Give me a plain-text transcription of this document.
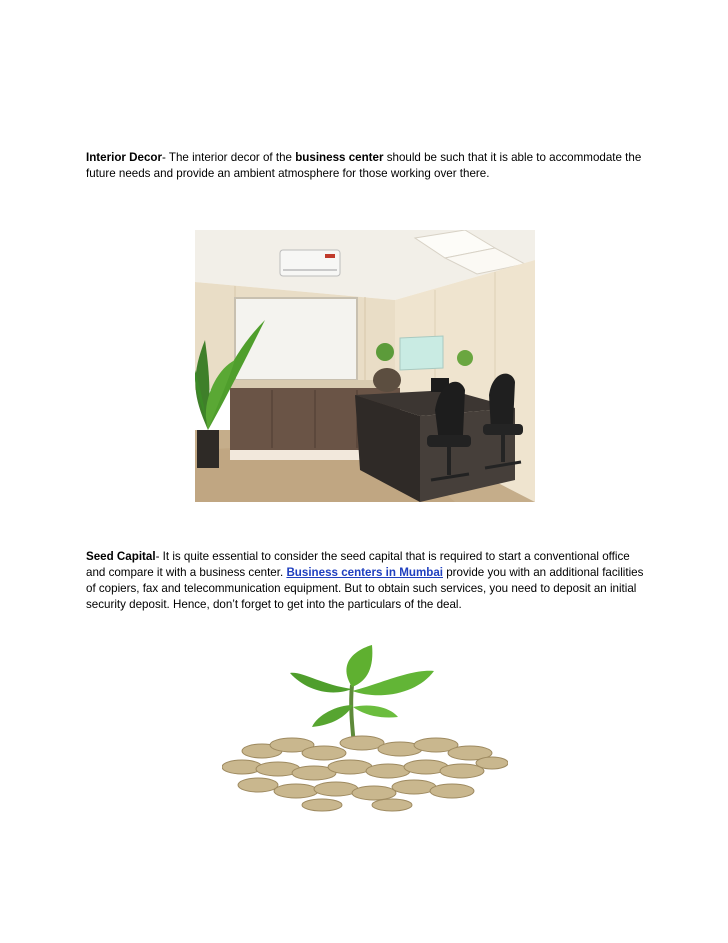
Interior Decor- The interior decor of the business center should be such that it is able to accommodate the future needs and provide an ambient atmosphere for those working over there.

Seed Capital- It is quite essential to consider the seed capital that is required to start a conventional office and compare it with a business center. Business centers in Mumbai provide you with an additional facilities of copiers, fax and telecommunication equipment. But to obtain such services, you need to deposit an initial security deposit. Hence, don’t forget to get into the particulars of the deal.
